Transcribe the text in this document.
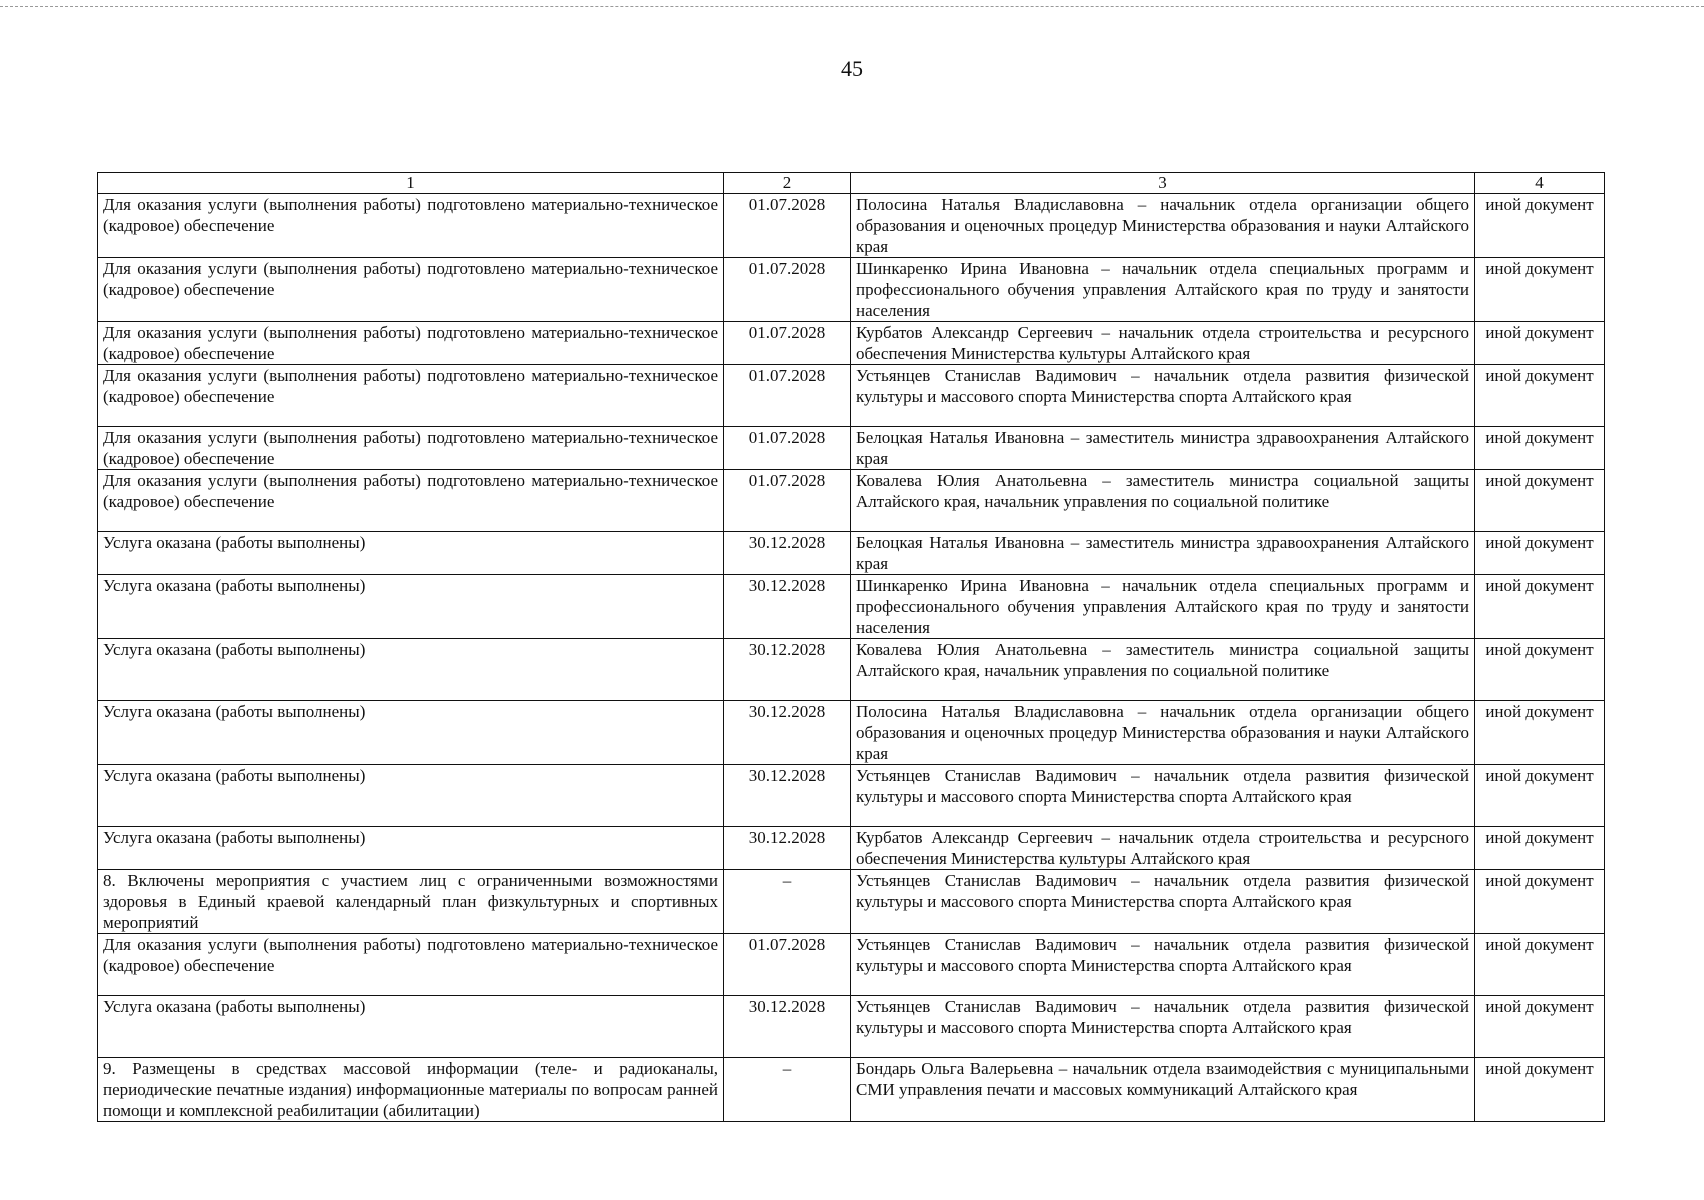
45
1	2	3	4
Для оказания услуги (выполнения работы) подготовлено материально-техническое (кадровое) обеспечение	01.07.2028	Полосина Наталья Владиславовна – начальник отдела организации общего образования и оценочных процедур Министерства образования и науки Алтайского края	иной документ
Для оказания услуги (выполнения работы) подготовлено материально-техническое (кадровое) обеспечение	01.07.2028	Шинкаренко Ирина Ивановна – начальник отдела специальных программ и профессионального обучения управления Алтайского края по труду и занятости населения	иной документ
Для оказания услуги (выполнения работы) подготовлено материально-техническое (кадровое) обеспечение	01.07.2028	Курбатов Александр Сергеевич – начальник отдела строительства и ресурсного обеспечения Министерства культуры Алтайского края	иной документ
Для оказания услуги (выполнения работы) подготовлено материально-техническое (кадровое) обеспечение	01.07.2028	Устьянцев Станислав Вадимович – начальник отдела развития физической культуры и массового спорта Министерства спорта Алтайского края	иной документ
Для оказания услуги (выполнения работы) подготовлено материально-техническое (кадровое) обеспечение	01.07.2028	Белоцкая Наталья Ивановна – заместитель министра здравоохранения Алтайского края	иной документ
Для оказания услуги (выполнения работы) подготовлено материально-техническое (кадровое) обеспечение	01.07.2028	Ковалева Юлия Анатольевна – заместитель министра социальной защиты Алтайского края, начальник управления по социальной политике	иной документ
Услуга оказана (работы выполнены)	30.12.2028	Белоцкая Наталья Ивановна – заместитель министра здравоохранения Алтайского края	иной документ
Услуга оказана (работы выполнены)	30.12.2028	Шинкаренко Ирина Ивановна – начальник отдела специальных программ и профессионального обучения управления Алтайского края по труду и занятости населения	иной документ
Услуга оказана (работы выполнены)	30.12.2028	Ковалева Юлия Анатольевна – заместитель министра социальной защиты Алтайского края, начальник управления по социальной политике	иной документ
Услуга оказана (работы выполнены)	30.12.2028	Полосина Наталья Владиславовна – начальник отдела организации общего образования и оценочных процедур Министерства образования и науки Алтайского края	иной документ
Услуга оказана (работы выполнены)	30.12.2028	Устьянцев Станислав Вадимович – начальник отдела развития физической культуры и массового спорта Министерства спорта Алтайского края	иной документ
Услуга оказана (работы выполнены)	30.12.2028	Курбатов Александр Сергеевич – начальник отдела строительства и ресурсного обеспечения Министерства культуры Алтайского края	иной документ
8. Включены мероприятия с участием лиц с ограниченными возможностями здоровья в Единый краевой календарный план физкультурных и спортивных мероприятий	–	Устьянцев Станислав Вадимович – начальник отдела развития физической культуры и массового спорта Министерства спорта Алтайского края	иной документ
Для оказания услуги (выполнения работы) подготовлено материально-техническое (кадровое) обеспечение	01.07.2028	Устьянцев Станислав Вадимович – начальник отдела развития физической культуры и массового спорта Министерства спорта Алтайского края	иной документ
Услуга оказана (работы выполнены)	30.12.2028	Устьянцев Станислав Вадимович – начальник отдела развития физической культуры и массового спорта Министерства спорта Алтайского края	иной документ
9. Размещены в средствах массовой информации (теле- и радиоканалы, периодические печатные издания) информационные материалы по вопросам ранней помощи и комплексной реабилитации (абилитации)	–	Бондарь Ольга Валерьевна – начальник отдела взаимодействия с муниципальными СМИ управления печати и массовых коммуникаций Алтайского края	иной документ
